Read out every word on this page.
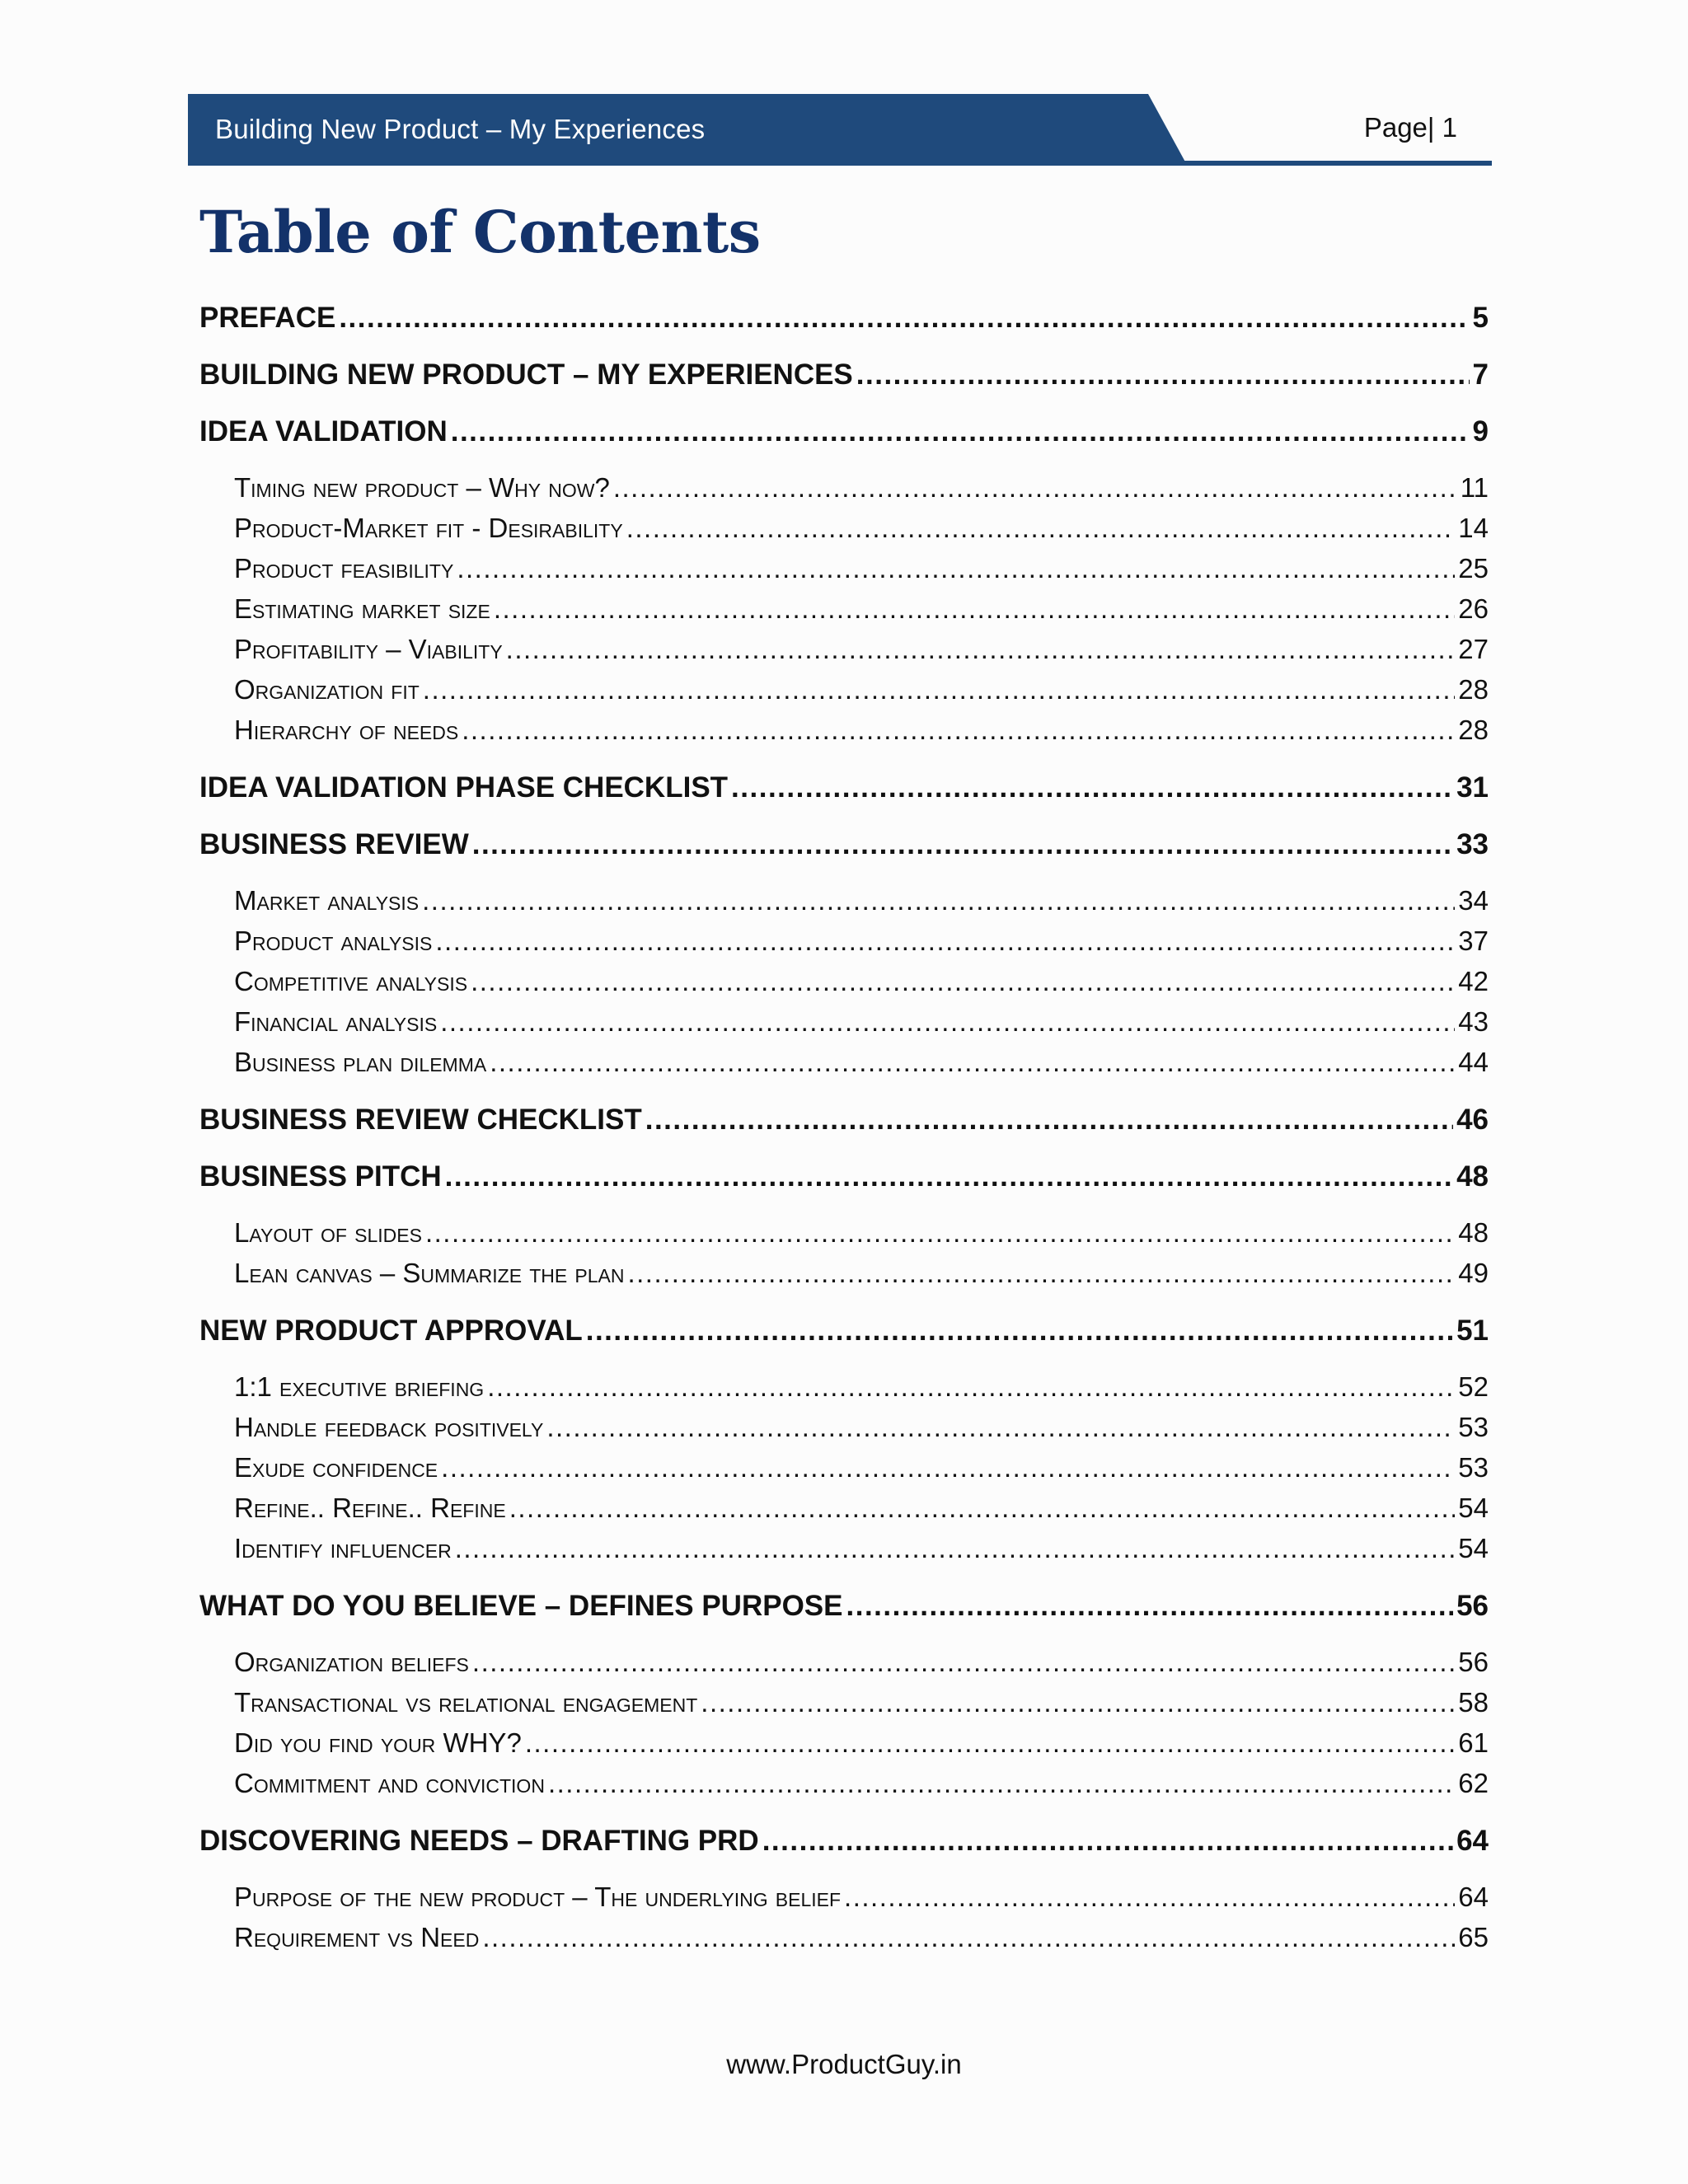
Building New Product – My Experiences	Page| 1
Table of Contents
PREFACE .....	5
BUILDING NEW PRODUCT – MY EXPERIENCES .....	7
IDEA VALIDATION .....	9
Timing new product – Why now? .....	11
Product-Market fit - Desirability .....	14
Product feasibility .....	25
Estimating market size .....	26
Profitability – Viability .....	27
Organization fit .....	28
Hierarchy of needs .....	28
IDEA VALIDATION PHASE CHECKLIST .....	31
BUSINESS REVIEW .....	33
Market analysis .....	34
Product analysis .....	37
Competitive analysis .....	42
Financial analysis .....	43
Business plan dilemma .....	44
BUSINESS REVIEW CHECKLIST .....	46
BUSINESS PITCH .....	48
Layout of slides .....	48
Lean canvas – Summarize the plan .....	49
NEW PRODUCT APPROVAL .....	51
1:1 executive briefing .....	52
Handle feedback positively .....	53
Exude confidence .....	53
Refine.. Refine.. Refine .....	54
Identify influencer .....	54
WHAT DO YOU BELIEVE – DEFINES PURPOSE .....	56
Organization beliefs .....	56
Transactional vs relational engagement .....	58
Did you find your WHY? .....	61
Commitment and conviction .....	62
DISCOVERING NEEDS – DRAFTING PRD .....	64
Purpose of the new product – The underlying belief .....	64
Requirement vs Need .....	65
www.ProductGuy.in
